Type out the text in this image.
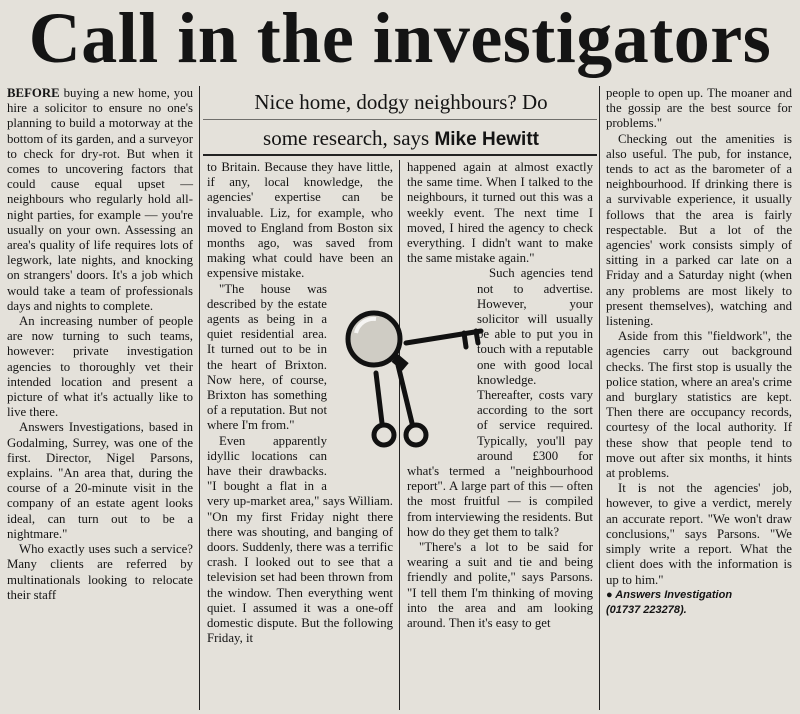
Call in the investigators
Nice home, dodgy neighbours? Do
some research, says Mike Hewitt

BEFORE buying a new home, you hire a solicitor to ensure no one's planning to build a motorway at the bottom of its garden, and a surveyor to check for dry-rot. But when it comes to uncovering factors that could cause equal upset — neighbours who regularly hold all-night parties, for example — you're usually on your own. Assessing an area's quality of life requires lots of legwork, late nights, and knocking on strangers' doors. It's a job which would take a team of professionals days and nights to complete.

An increasing number of people are now turning to such teams, however: private investigation agencies to thoroughly vet their intended location and present a picture of what it's actually like to live there.

Answers Investigations, based in Godalming, Surrey, was one of the first. Director, Nigel Parsons, explains. "An area that, during the course of a 20-minute visit in the company of an estate agent looks ideal, can turn out to be a nightmare."

Who exactly uses such a service? Many clients are referred by multinationals looking to relocate their staff

to Britain. Because they have little, if any, local knowledge, the agencies' expertise can be invaluable. Liz, for example, who moved to England from Boston six months ago, was saved from making what could have been an expensive mistake.

"The house was described by the estate agents as being in a quiet residential area. It turned out to be in the heart of Brixton. Now here, of course, Brixton has something of a reputation. But not where I'm from."

Even apparently idyllic locations can have their drawbacks. "I bought a flat in a very up-market area," says William. "On my first Friday night there there was shouting, and banging of doors. Suddenly, there was a terrific crash. I looked out to see that a television set had been thrown from the window. Then everything went quiet. I assumed it was a one-off domestic dispute. But the following Friday, it

happened again at almost exactly the same time. When I talked to the neighbours, it turned out this was a weekly event. The next time I moved, I hired the agency to check everything. I didn't want to make the same mistake again."

Such agencies tend not to advertise. However, your solicitor will usually be able to put you in touch with a reputable one with good local knowledge. Thereafter, costs vary according to the sort of service required. Typically, you'll pay around £300 for what's termed a "neighbourhood report". A large part of this — often the most fruitful — is compiled from interviewing the residents. But how do they get them to talk?

"There's a lot to be said for wearing a suit and tie and being friendly and polite," says Parsons. "I tell them I'm thinking of moving into the area and am looking around. Then it's easy to get

people to open up. The moaner and the gossip are the best source for problems."

Checking out the amenities is also useful. The pub, for instance, tends to act as the barometer of a neighbourhood. If drinking there is a survivable experience, it usually follows that the area is fairly respectable. But a lot of the agencies' work consists simply of sitting in a parked car late on a Friday and a Saturday night (when any problems are most likely to present themselves), watching and listening.

Aside from this "fieldwork", the agencies carry out background checks. The first stop is usually the police station, where an area's crime and burglary statistics are kept. Then there are occupancy records, courtesy of the local authority. If these show that people tend to move out after six months, it hints at problems.

It is not the agencies' job, however, to give a verdict, merely an accurate report. "We won't draw conclusions," says Parsons. "We simply write a report. What the client does with the information is up to him."

● Answers Investigation
(01737 223278).
